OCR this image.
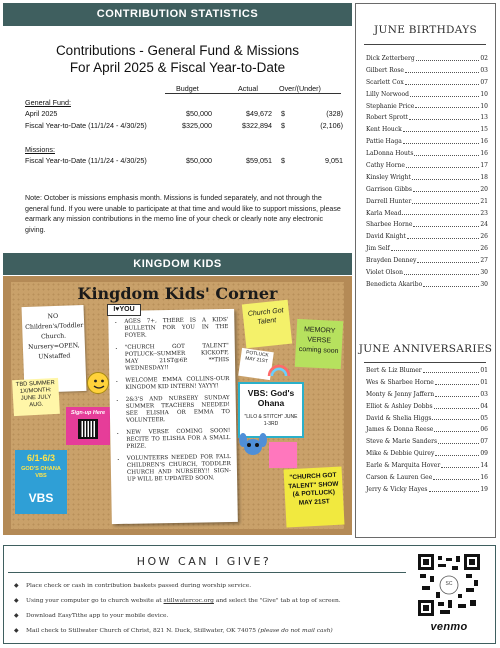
CONTRIBUTION STATISTICS
Contributions - General Fund & Missions
For April 2025 & Fiscal Year-to-Date
Budget	Actual	Over/(Under)
General Fund:
April 2025	$50,000	$49,672 $	(328)
Fiscal Year-to-Date (11/1/24 - 4/30/25)	$325,000	$322,894 $	(2,106)
Missions:
Fiscal Year-to-Date (11/1/24 - 4/30/25)	$50,000	$59,051 $	9,051
Note: October is missions emphasis month. Missions is funded separately, and not through the general fund. If you were unable to participate at that time and would like to support missions, please earmark any mission contributions in the memo line of your check or clearly note any electronic giving.
KINGDOM KIDS
Kingdom Kids' Corner
NO Children's/Toddler Church. Nursery=OPEN, UNstaffed
TBD SUMMER 1X/MONTH: JUNE JULY AUG.
Sign-up Here
6/1-6/3
GOD'S OHANA VBS
VBS
I♥YOU
• AGES 7+, THERE IS A KIDS' BULLETIN FOR YOU IN THE FOYER.
• "CHURCH GOT TALENT" POTLUCK--SUMMER KICKOFF, MAY 21ST@6P. **THIS WEDNESDAY!!
• WELCOME EMMA COLLINS-OUR KINGDOM KID INTERN! YAYYY!
• 2&3'S AND NURSERY SUNDAY SUMMER TEACHERS NEEDED! SEE ELISHA OR EMMA TO VOLUNTEER.
• NEW VERSE COMING SOON! RECITE TO ELISHA FOR A SMALL PRIZE.
• VOLUNTEERS NEEDED FOR FALL CHILDREN'S CHURCH, TODDLER CHURCH AND NURSERY!! SIGN-UP WILL BE UPDATED SOON.
Church Got Talent
POTLUCK MAY 21ST
MEMORY VERSE coming soon
VBS: God's Ohana
"LILO & STITCH" JUNE 1-3RD
"CHURCH GOT TALENT" SHOW (& POTLUCK) MAY 21ST
JUNE BIRTHDAYS
Dick Zetterberg	02
Gilbert Rose	03
Scarlett Cox	07
Lilly Norwood	10
Stephanie Price	10
Robert Sprott	13
Kent Houck	15
Pattie Haga	16
LaDonna Houts	16
Cathy Horne	17
Kinsley Wright	18
Garrison Gibbs	20
Darrell Hunter	21
Karla Mead	23
Sharbee Horne	24
David Knight	26
Jim Self	26
Brayden Denney	27
Violet Olson	30
Benedicta Akaribo	30
JUNE ANNIVERSARIES
Bert & Liz Blumer	01
Wes & Sharbee Horne	01
Monty & Jenny Jaffern	03
Elliot & Ashley Dobbs	04
David & Shelia Higgs	05
James & Donna Reese	06
Steve & Marie Sanders	07
Mike & Debbie Quirey	09
Earle & Marquita Hover	14
Carson & Lauren Gee	16
Jerry & Vicky Hayes	19
HOW CAN I GIVE?
◆ Place check or cash in contribution baskets passed during worship service.
◆ Using your computer go to church website at stillwatercoc.org and select the "Give" tab at top of screen.
◆ Download EasyTithe app to your mobile device.
◆ Mail check to Stillwater Church of Christ, 821 N. Duck, Stillwater, OK 74075 (please do not mail cash)
SC
venmo
